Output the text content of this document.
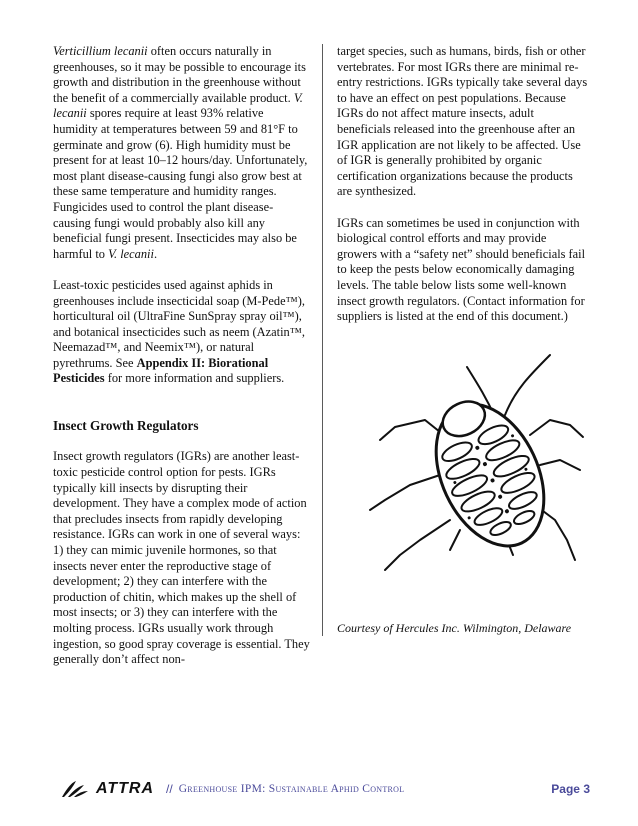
Verticillium lecanii often occurs naturally in greenhouses, so it may be possible to encourage its growth and distribution in the greenhouse without the benefit of a commercially available product. V. lecanii spores require at least 93% relative humidity at temperatures between 59 and 81°F to germinate and grow (6). High humidity must be present for at least 10–12 hours/day. Unfortunately, most plant disease-causing fungi also grow best at these same temperature and humidity ranges. Fungicides used to control the plant disease-causing fungi would probably also kill any beneficial fungi present. Insecticides may also be harmful to V. lecanii.

Least-toxic pesticides used against aphids in greenhouses include insecticidal soap (M-Pede™), horticultural oil (UltraFine SunSpray spray oil™), and botanical insecticides such as neem (Azatin™, Neemazad™, and Neemix™), or natural pyrethrums. See Appendix II: Biorational Pesticides for more information and suppliers.

Insect Growth Regulators

Insect growth regulators (IGRs) are another least-toxic pesticide control option for pests. IGRs typically kill insects by disrupting their development. They have a complex mode of action that precludes insects from rapidly developing resistance. IGRs can work in one of several ways: 1) they can mimic juvenile hormones, so that insects never enter the reproductive stage of development; 2) they can interfere with the production of chitin, which makes up the shell of most insects; or 3) they can interfere with the molting process. IGRs usually work through ingestion, so good spray coverage is essential. They generally don’t affect non-

target species, such as humans, birds, fish or other vertebrates. For most IGRs there are minimal re-entry restrictions. IGRs typically take several days to have an effect on pest populations. Because IGRs do not affect mature insects, adult beneficials released into the greenhouse after an IGR application are not likely to be affected. Use of IGR is generally prohibited by organic certification organizations because the products are synthesized.

IGRs can sometimes be used in conjunction with biological control efforts and may provide growers with a “safety net” should beneficials fail to keep the pests below economically damaging levels. The table below lists some well-known insect growth regulators. (Contact information for suppliers is listed at the end of this document.)

Courtesy of Hercules Inc. Wilmington, Delaware
ATTRA // Greenhouse IPM: Sustainable Aphid Control	Page 3
